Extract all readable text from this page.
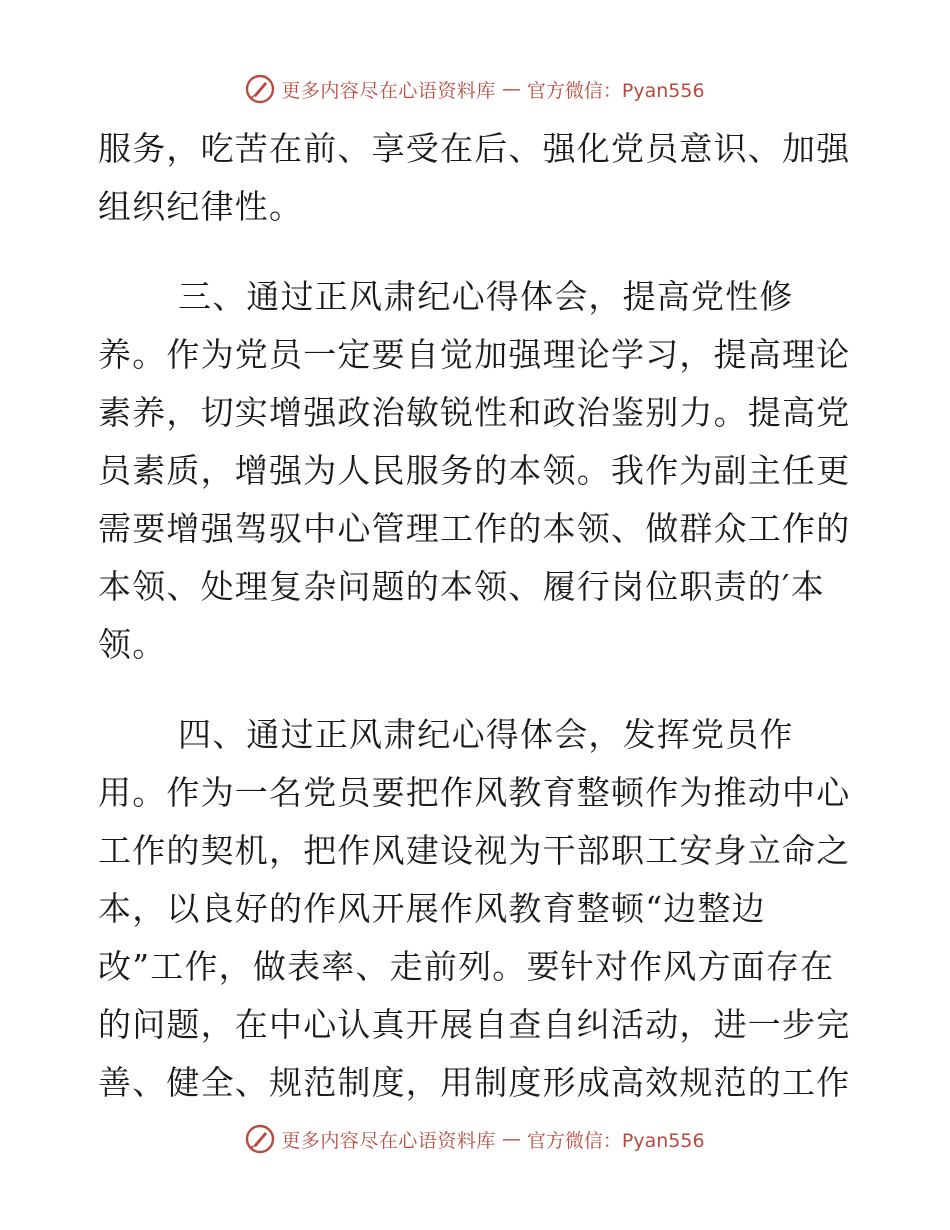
更多内容尽在心语资料库 — 官方微信：Pyan556
服务，吃苦在前、享受在后、强化党员意识、加强
组织纪律性。
三、通过正风肃纪心得体会，提高党性修
养。作为党员一定要自觉加强理论学习，提高理论
素养，切实增强政治敏锐性和政治鉴别力。提高党
员素质，增强为人民服务的本领。我作为副主任更
需要增强驾驭中心管理工作的本领、做群众工作的
本领、处理复杂问题的本领、履行岗位职责的′本
领。
四、通过正风肃纪心得体会，发挥党员作
用。作为一名党员要把作风教育整顿作为推动中心
工作的契机，把作风建设视为干部职工安身立命之
本，以良好的作风开展作风教育整顿“边整边
改”工作，做表率、走前列。要针对作风方面存在
的问题，在中心认真开展自查自纠活动，进一步完
善、健全、规范制度，用制度形成高效规范的工作
更多内容尽在心语资料库 — 官方微信：Pyan556
